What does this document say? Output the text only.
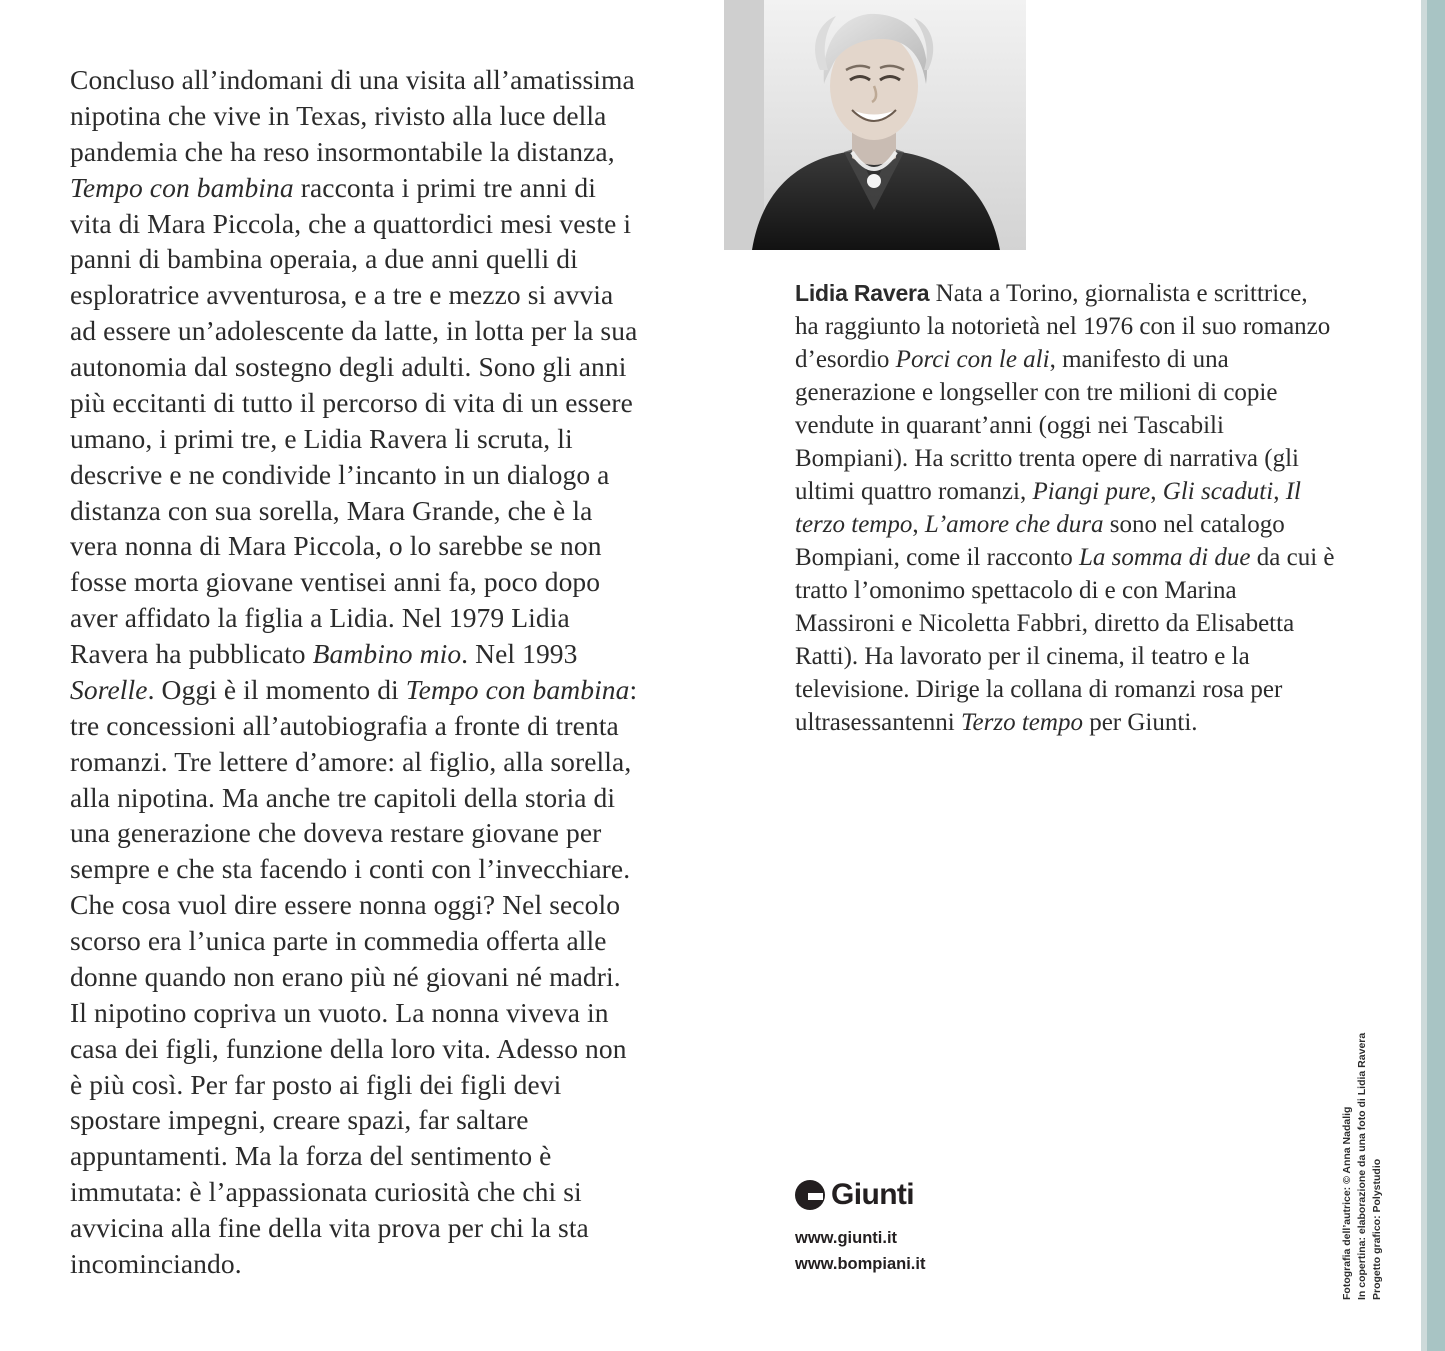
Concluso all’indomani di una visita all’amatissima nipotina che vive in Texas, rivisto alla luce della pandemia che ha reso insormontabile la distanza, Tempo con bambina racconta i primi tre anni di vita di Mara Piccola, che a quattordici mesi veste i panni di bambina operaia, a due anni quelli di esploratrice avventurosa, e a tre e mezzo si avvia ad essere un’adolescente da latte, in lotta per la sua autonomia dal sostegno degli adulti. Sono gli anni più eccitanti di tutto il percorso di vita di un essere umano, i primi tre, e Lidia Ravera li scruta, li descrive e ne condivide l’incanto in un dialogo a distanza con sua sorella, Mara Grande, che è la vera nonna di Mara Piccola, o lo sarebbe se non fosse morta giovane ventisei anni fa, poco dopo aver affidato la figlia a Lidia. Nel 1979 Lidia Ravera ha pubblicato Bambino mio. Nel 1993 Sorelle. Oggi è il momento di Tempo con bambina: tre concessioni all’autobiografia a fronte di trenta romanzi. Tre lettere d’amore: al figlio, alla sorella, alla nipotina. Ma anche tre capitoli della storia di una generazione che doveva restare giovane per sempre e che sta facendo i conti con l’invecchiare. Che cosa vuol dire essere nonna oggi? Nel secolo scorso era l’unica parte in commedia offerta alle donne quando non erano più né giovani né madri. Il nipotino copriva un vuoto. La nonna viveva in casa dei figli, funzione della loro vita. Adesso non è più così. Per far posto ai figli dei figli devi spostare impegni, creare spazi, far saltare appuntamenti. Ma la forza del sentimento è immutata: è l’appassionata curiosità che chi si avvicina alla fine della vita prova per chi la sta incominciando.

Lidia Ravera Nata a Torino, giornalista e scrittrice, ha raggiunto la notorietà nel 1976 con il suo romanzo d’esordio Porci con le ali, manifesto di una generazione e longseller con tre milioni di copie vendute in quarant’anni (oggi nei Tascabili Bompiani). Ha scritto trenta opere di narrativa (gli ultimi quattro romanzi, Piangi pure, Gli scaduti, Il terzo tempo, L’amore che dura sono nel catalogo Bompiani, come il racconto La somma di due da cui è tratto l’omonimo spettacolo di e con Marina Massironi e Nicoletta Fabbri, diretto da Elisabetta Ratti). Ha lavorato per il cinema, il teatro e la televisione. Dirige la collana di romanzi rosa per ultrasessantenni Terzo tempo per Giunti.

Fotografia dell’autrice: © Anna Nadalig In copertina: elaborazione da una foto di Lidia Ravera Progetto grafico: Polystudio
Giunti
www.giunti.it
www.bompiani.it
